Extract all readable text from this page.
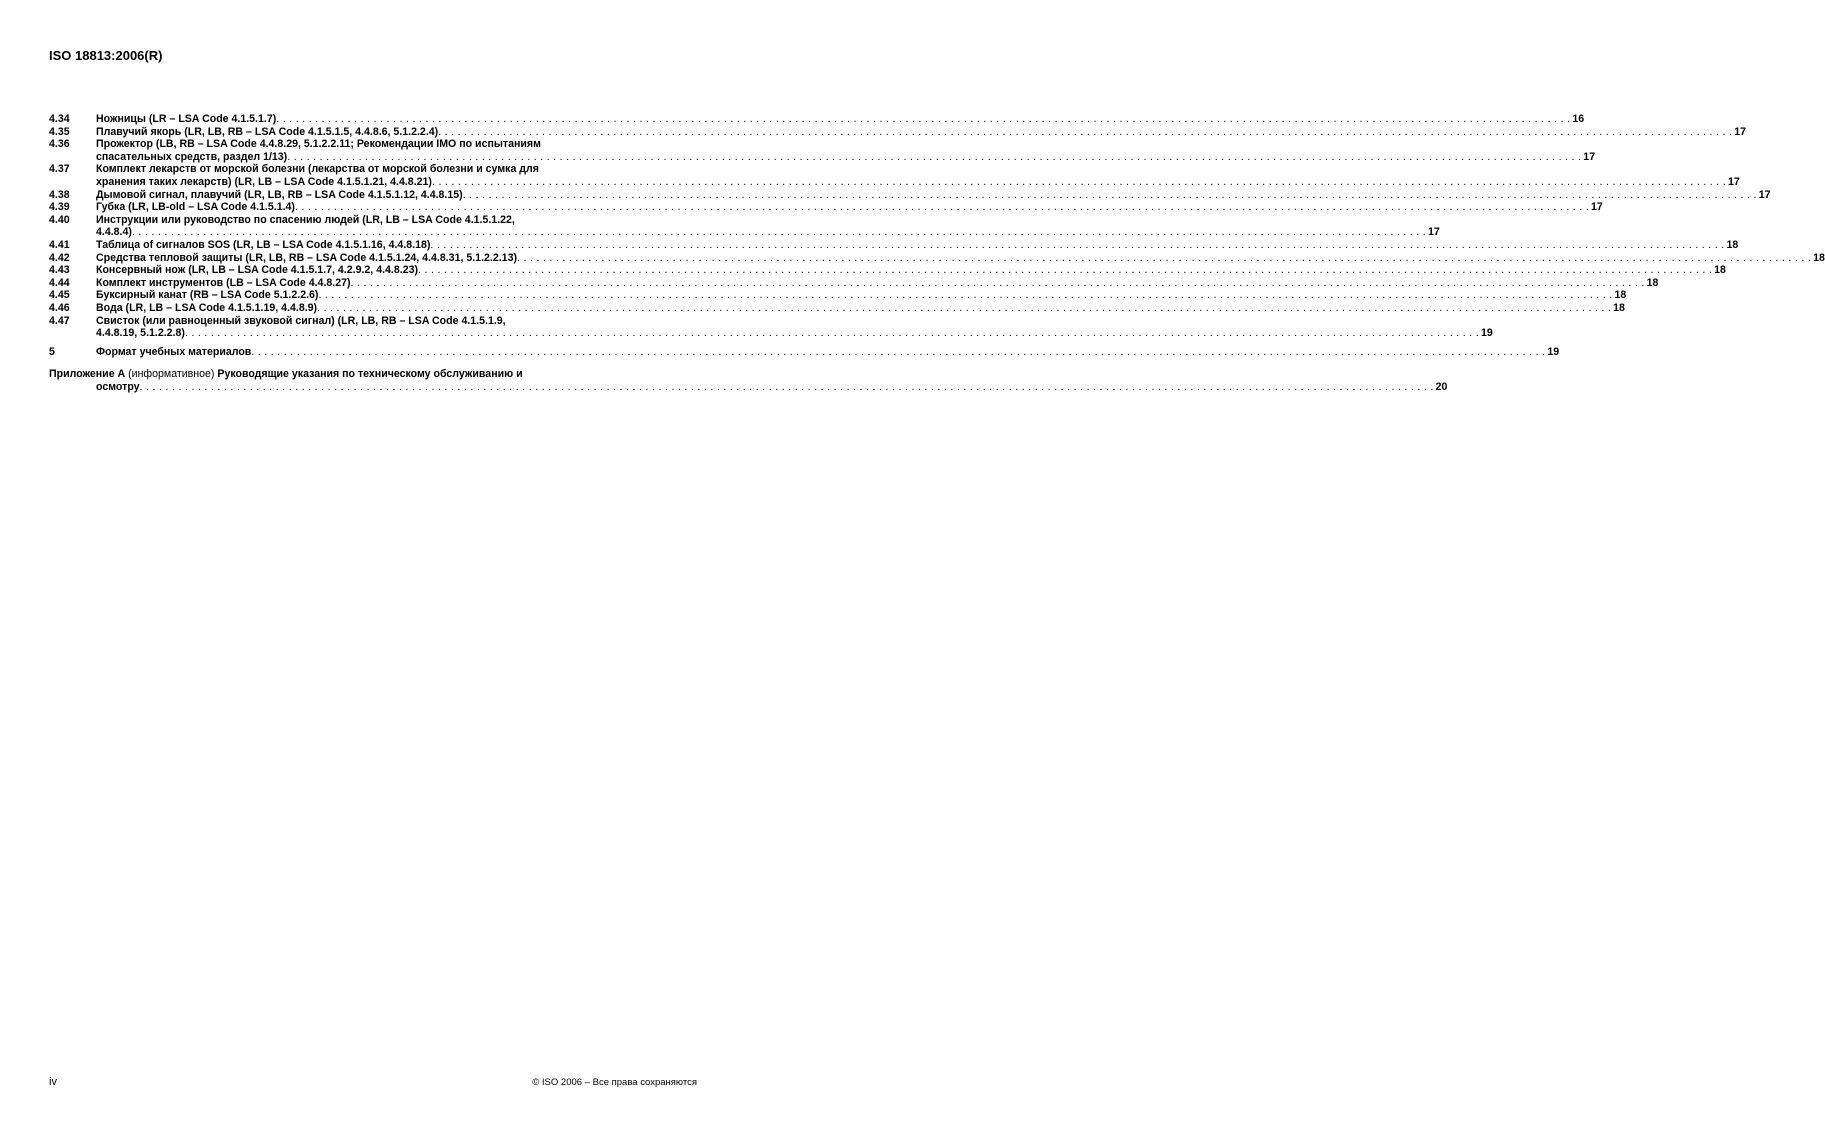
ISO 18813:2006(R)
4.34	Ножницы (LR – LSA Code 4.1.5.1.7) . . . . . . . . . . . . . . . . . . . . . . . . . . . . . . . . . . . . . . . . . . . . . . . . . . . . . . . . . . . . . . . . . . . . . . . . . . . . . . . . . . . . . . . . . . . . . . . . . . . . . . . . . . . . . . . . . . . . . . . . . . . . . . . . . . . . . . . . . . . . . . . . . . . . . . . . . . . . . . . . . . . . . . . . . . . . . . . . . . . . . . . . . . . . . . . . . . . . . . . . 16
4.35	Плавучий якорь (LR, LB, RB – LSA Code 4.1.5.1.5, 4.4.8.6, 5.1.2.2.4) . . . . . . . . . . . . . . . . . . . . . . . . . . . . . . . . . . . . . . . . . . . . . . . . . . . . . . . . . . . . . . . . . . . . . . . . . . . . . . . . . . . . . . . . . . . . . . . . . . . . . . . . . . . . . . . . . . . . . . . . . . . . . . . . . . . . . . . . . . . . . . . . . . . . . . . . . . . . . . . . . . . . . . . . . . . . . . . . . . . . . . . . . . . . . . . . . . . . . . . . 17
4.36	Прожектор (LB, RB – LSA Code 4.4.8.29, 5.1.2.2.11; Рекомендации IMO по испытаниям
спасательных средств, раздел 1/13) . . . . . . . . . . . . . . . . . . . . . . . . . . . . . . . . . . . . . . . . . . . . . . . . . . . . . . . . . . . . . . . . . . . . . . . . . . . . . . . . . . . . . . . . . . . . . . . . . . . . . . . . . . . . . . . . . . . . . . . . . . . . . . . . . . . . . . . . . . . . . . . . . . . . . . . . . . . . . . . . . . . . . . . . . . . . . . . . . . . . . . . . . . . . . . . . . . . . . . . . 17
4.37	Комплект лекарств от морской болезни (лекарства от морской болезни и сумка для
хранения таких лекарств) (LR, LB – LSA Code 4.1.5.1.21, 4.4.8.21) . . . . . . . . . . . . . . . . . . . . . . . . . . . . . . . . . . . . . . . . . . . . . . . . . . . . . . . . . . . . . . . . . . . . . . . . . . . . . . . . . . . . . . . . . . . . . . . . . . . . . . . . . . . . . . . . . . . . . . . . . . . . . . . . . . . . . . . . . . . . . . . . . . . . . . . . . . . . . . . . . . . . . . . . . . . . . . . . . . . . . . . . . . . . . . . . . . . . . . . . 17
4.38	Дымовой сигнал, плавучий (LR, LB, RB – LSA Code 4.1.5.1.12, 4.4.8.15) . . . . . . . . . . . . . . . . . . . . . . . . . . . . . . . . . . . . . . . . . . . . . . . . . . . . . . . . . . . . . . . . . . . . . . . . . . . . . . . . . . . . . . . . . . . . . . . . . . . . . . . . . . . . . . . . . . . . . . . . . . . . . . . . . . . . . . . . . . . . . . . . . . . . . . . . . . . . . . . . . . . . . . . . . . . . . . . . . . . . . . . . . . . . . . . . . . . . . . . . 17
4.39	Губка (LR, LB-old – LSA Code 4.1.5.1.4) . . . . . . . . . . . . . . . . . . . . . . . . . . . . . . . . . . . . . . . . . . . . . . . . . . . . . . . . . . . . . . . . . . . . . . . . . . . . . . . . . . . . . . . . . . . . . . . . . . . . . . . . . . . . . . . . . . . . . . . . . . . . . . . . . . . . . . . . . . . . . . . . . . . . . . . . . . . . . . . . . . . . . . . . . . . . . . . . . . . . . . . . . . . . . . . . . . . . . . . . 17
4.40	Инструкции или руководство по спасению людей (LR, LB – LSA Code 4.1.5.1.22,
4.4.8.4) . . . . . . . . . . . . . . . . . . . . . . . . . . . . . . . . . . . . . . . . . . . . . . . . . . . . . . . . . . . . . . . . . . . . . . . . . . . . . . . . . . . . . . . . . . . . . . . . . . . . . . . . . . . . . . . . . . . . . . . . . . . . . . . . . . . . . . . . . . . . . . . . . . . . . . . . . . . . . . . . . . . . . . . . . . . . . . . . . . . . . . . . . . . . . . . . . . . . . . . . 17
4.41	Таблица of сигналов SOS (LR, LB – LSA Code 4.1.5.1.16, 4.4.8.18) . . . . . . . . . . . . . . . . . . . . . . . . . . . . . . . . . . . . . . . . . . . . . . . . . . . . . . . . . . . . . . . . . . . . . . . . . . . . . . . . . . . . . . . . . . . . . . . . . . . . . . . . . . . . . . . . . . . . . . . . . . . . . . . . . . . . . . . . . . . . . . . . . . . . . . . . . . . . . . . . . . . . . . . . . . . . . . . . . . . . . . . . . . . . . . . . . . . . . . . . 18
4.42	Средства тепловой защиты (LR, LB, RB – LSA Code 4.1.5.1.24, 4.4.8.31, 5.1.2.2.13) . . . . . . . . . . . . . . . . . . . . . . . . . . . . . . . . . . . . . . . . . . . . . . . . . . . . . . . . . . . . . . . . . . . . . . . . . . . . . . . . . . . . . . . . . . . . . . . . . . . . . . . . . . . . . . . . . . . . . . . . . . . . . . . . . . . . . . . . . . . . . . . . . . . . . . . . . . . . . . . . . . . . . . . . . . . . . . . . . . . . . . . . . . . . . . . . . . . . . . . . 18
4.43	Консервный нож (LR, LB – LSA Code 4.1.5.1.7, 4.2.9.2, 4.4.8.23) . . . . . . . . . . . . . . . . . . . . . . . . . . . . . . . . . . . . . . . . . . . . . . . . . . . . . . . . . . . . . . . . . . . . . . . . . . . . . . . . . . . . . . . . . . . . . . . . . . . . . . . . . . . . . . . . . . . . . . . . . . . . . . . . . . . . . . . . . . . . . . . . . . . . . . . . . . . . . . . . . . . . . . . . . . . . . . . . . . . . . . . . . . . . . . . . . . . . . . . . 18
4.44	Комплект инструментов (LB – LSA Code 4.4.8.27) . . . . . . . . . . . . . . . . . . . . . . . . . . . . . . . . . . . . . . . . . . . . . . . . . . . . . . . . . . . . . . . . . . . . . . . . . . . . . . . . . . . . . . . . . . . . . . . . . . . . . . . . . . . . . . . . . . . . . . . . . . . . . . . . . . . . . . . . . . . . . . . . . . . . . . . . . . . . . . . . . . . . . . . . . . . . . . . . . . . . . . . . . . . . . . . . . . . . . . . . 18
4.45	Буксирный канат (RB – LSA Code 5.1.2.2.6) . . . . . . . . . . . . . . . . . . . . . . . . . . . . . . . . . . . . . . . . . . . . . . . . . . . . . . . . . . . . . . . . . . . . . . . . . . . . . . . . . . . . . . . . . . . . . . . . . . . . . . . . . . . . . . . . . . . . . . . . . . . . . . . . . . . . . . . . . . . . . . . . . . . . . . . . . . . . . . . . . . . . . . . . . . . . . . . . . . . . . . . . . . . . . . . . . . . . . . . . 18
4.46	Вода (LR, LB – LSA Code 4.1.5.1.19, 4.4.8.9) . . . . . . . . . . . . . . . . . . . . . . . . . . . . . . . . . . . . . . . . . . . . . . . . . . . . . . . . . . . . . . . . . . . . . . . . . . . . . . . . . . . . . . . . . . . . . . . . . . . . . . . . . . . . . . . . . . . . . . . . . . . . . . . . . . . . . . . . . . . . . . . . . . . . . . . . . . . . . . . . . . . . . . . . . . . . . . . . . . . . . . . . . . . . . . . . . . . . . . . . 18
4.47	Свисток (или равноценный звуковой сигнал) (LR, LB, RB – LSA Code 4.1.5.1.9,
4.4.8.19, 5.1.2.2.8) . . . . . . . . . . . . . . . . . . . . . . . . . . . . . . . . . . . . . . . . . . . . . . . . . . . . . . . . . . . . . . . . . . . . . . . . . . . . . . . . . . . . . . . . . . . . . . . . . . . . . . . . . . . . . . . . . . . . . . . . . . . . . . . . . . . . . . . . . . . . . . . . . . . . . . . . . . . . . . . . . . . . . . . . . . . . . . . . . . . . . . . . . . . . . . . . . . . . . . . . 19
5	Формат учебных материалов . . . . . . . . . . . . . . . . . . . . . . . . . . . . . . . . . . . . . . . . . . . . . . . . . . . . . . . . . . . . . . . . . . . . . . . . . . . . . . . . . . . . . . . . . . . . . . . . . . . . . . . . . . . . . . . . . . . . . . . . . . . . . . . . . . . . . . . . . . . . . . . . . . . . . . . . . . . . . . . . . . . . . . . . . . . . . . . . . . . . . . . . . . . . . . . . . . . . . . . . 19
Приложение A (информативное) Руководящие указания по техническому обслуживанию и
осмотру . . . . . . . . . . . . . . . . . . . . . . . . . . . . . . . . . . . . . . . . . . . . . . . . . . . . . . . . . . . . . . . . . . . . . . . . . . . . . . . . . . . . . . . . . . . . . . . . . . . . . . . . . . . . . . . . . . . . . . . . . . . . . . . . . . . . . . . . . . . . . . . . . . . . . . . . . . . . . . . . . . . . . . . . . . . . . . . . . . . . . . . . . . . . . . . . . . . . . . . . 20
iv	© ISO 2006 – Все права сохраняются
